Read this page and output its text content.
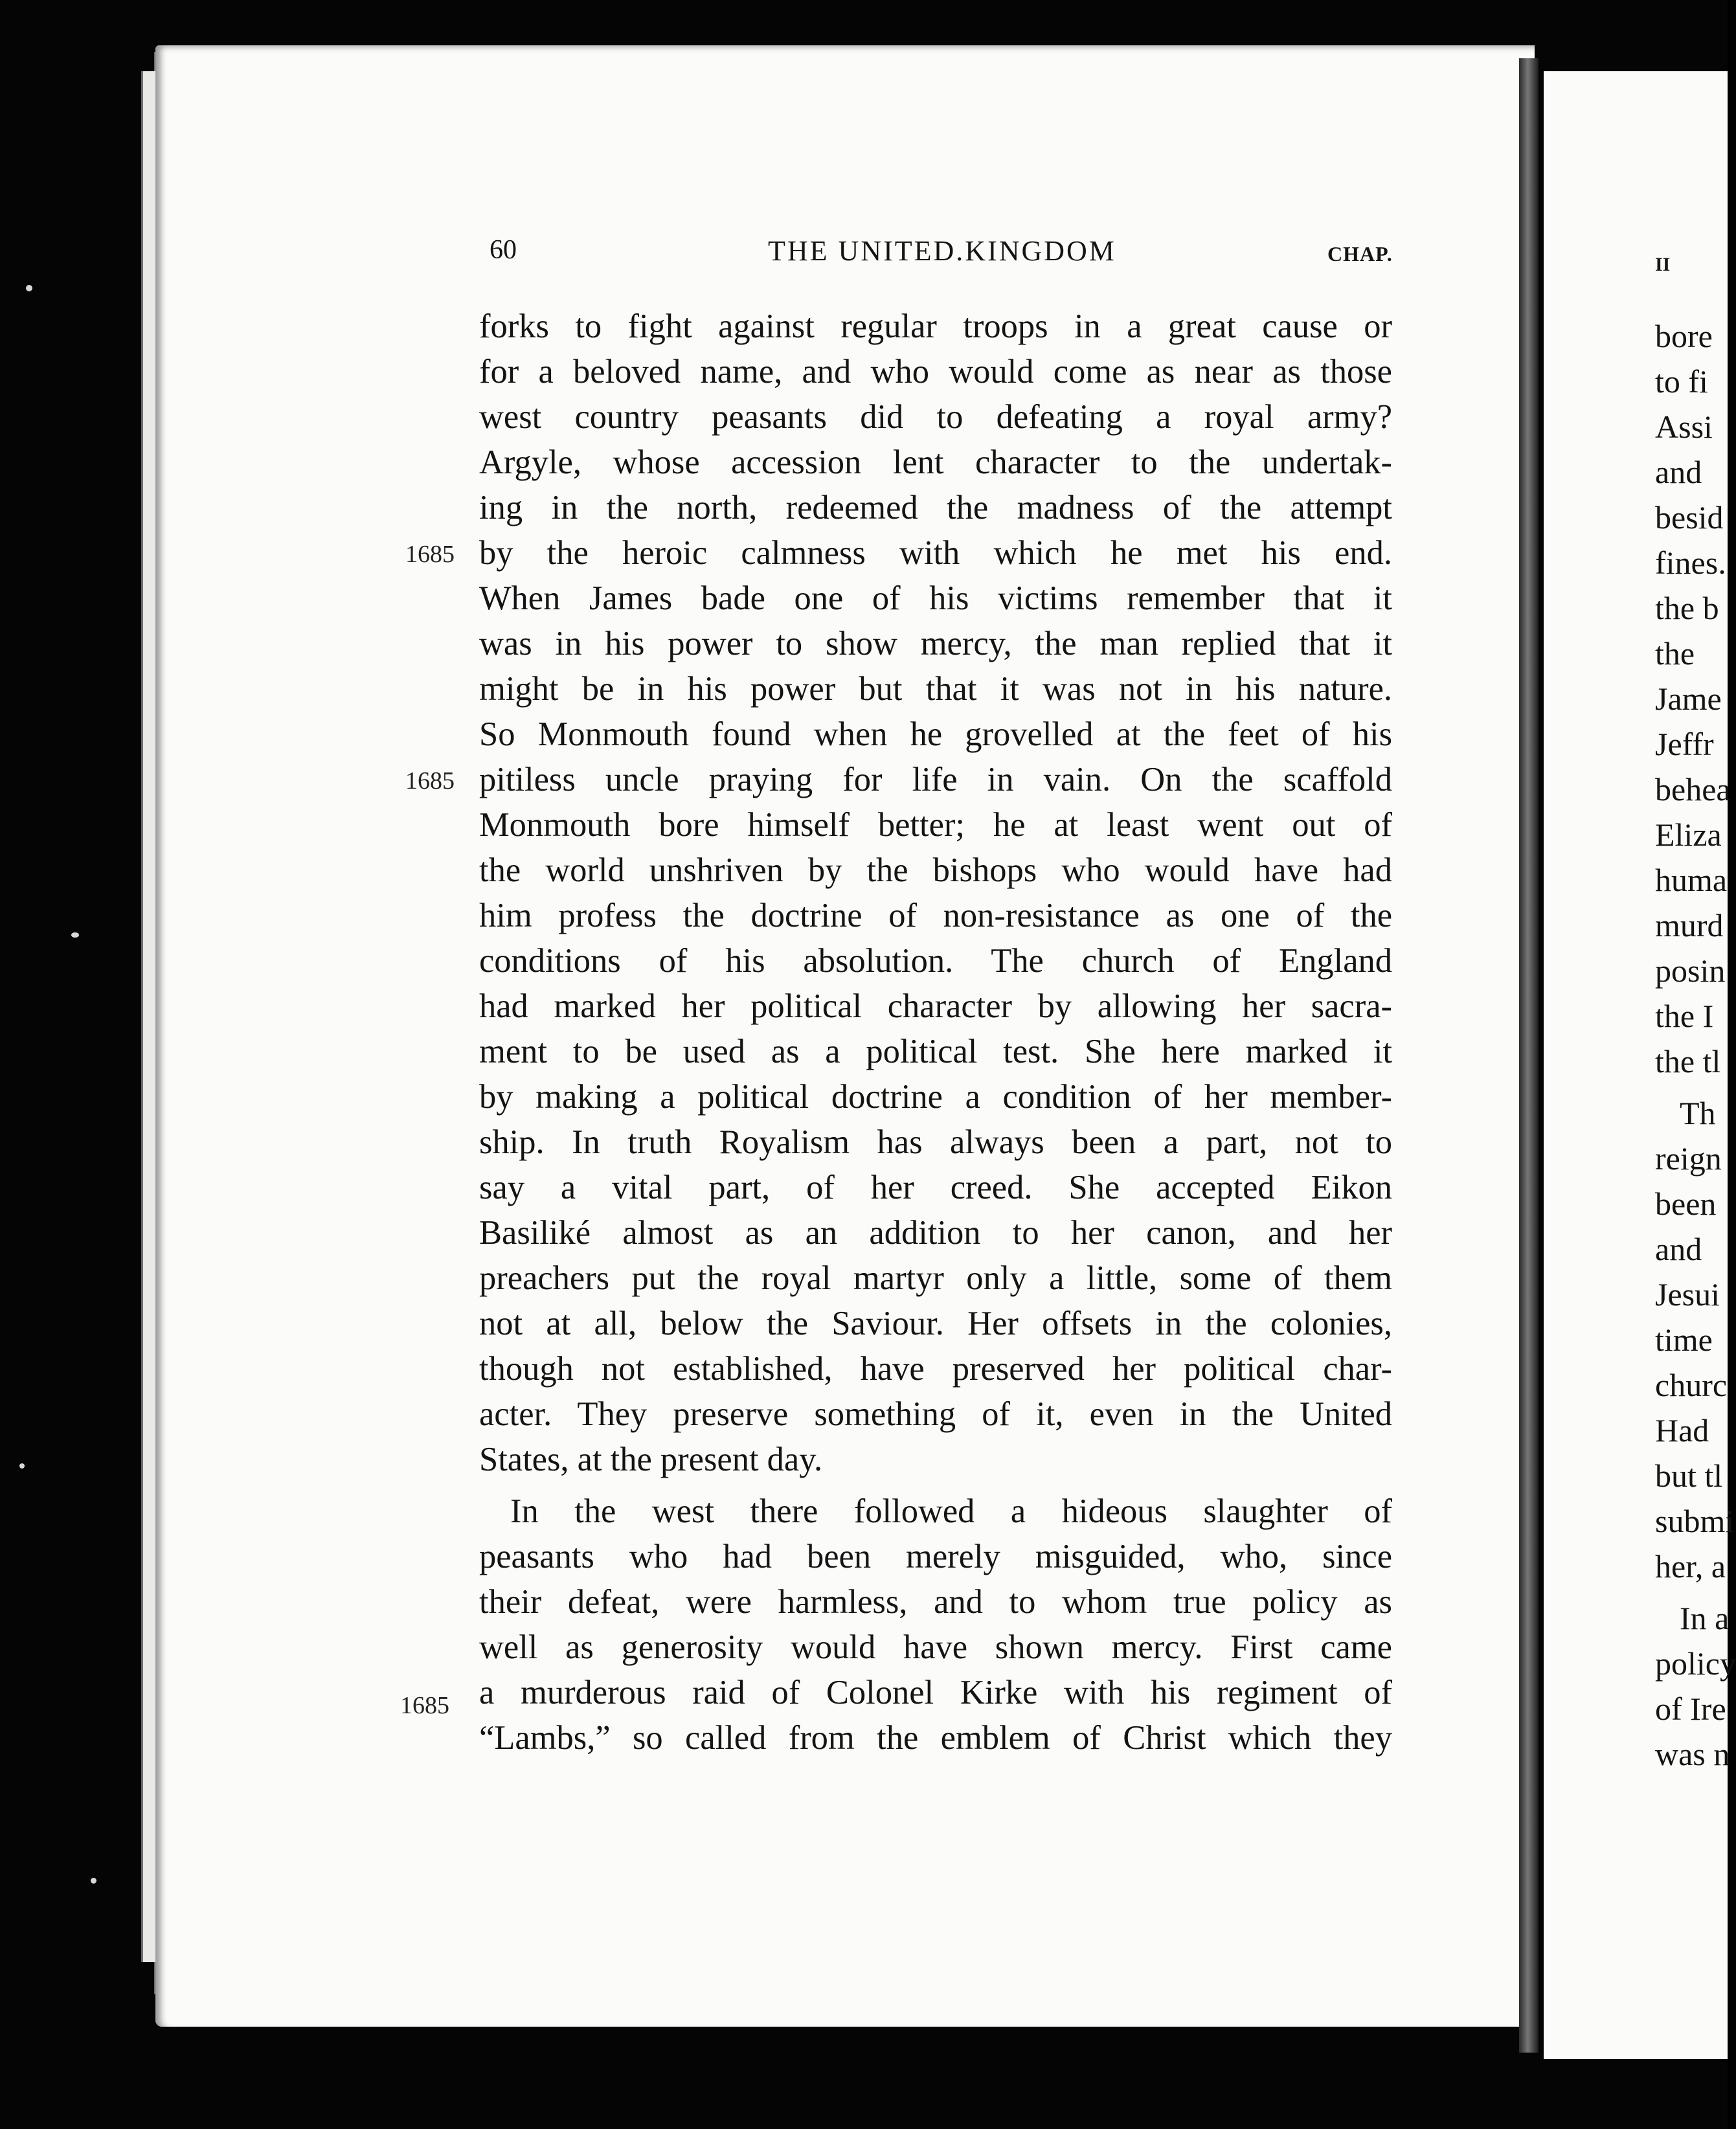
60	THE UNITED.KINGDOM	CHAP.
forks to fight against regular troops in a great cause or
for a beloved name, and who would come as near as those
west country peasants did to defeating a royal army?
Argyle, whose accession lent character to the undertak-
ing in the north, redeemed the madness of the attempt
by the heroic calmness with which he met his end.
When James bade one of his victims remember that it
was in his power to show mercy, the man replied that it
might be in his power but that it was not in his nature.
So Monmouth found when he grovelled at the feet of his
pitiless uncle praying for life in vain. On the scaffold
Monmouth bore himself better; he at least went out of
the world unshriven by the bishops who would have had
him profess the doctrine of non-resistance as one of the
conditions of his absolution. The church of England
had marked her political character by allowing her sacra-
ment to be used as a political test. She here marked it
by making a political doctrine a condition of her member-
ship. In truth Royalism has always been a part, not to
say a vital part, of her creed. She accepted Eikon
Basiliké almost as an addition to her canon, and her
preachers put the royal martyr only a little, some of them
not at all, below the Saviour. Her offsets in the colonies,
though not established, have preserved her political char-
acter. They preserve something of it, even in the United
States, at the present day.
In the west there followed a hideous slaughter of
peasants who had been merely misguided, who, since
their defeat, were harmless, and to whom true policy as
well as generosity would have shown mercy. First came
a murderous raid of Colonel Kirke with his regiment of
“Lambs,” so called from the emblem of Christ which they
1685
1685
1685
II
bore
to fi
Assi
and
besid
fines.
the b
the
Jame
Jeffr
behea
Eliza
huma
murd
posin
the I
the tl
Th
reign
been
and
Jesui
time
churc
Had
but tl
submi
her, a
In a
policy
of Ire
was n
